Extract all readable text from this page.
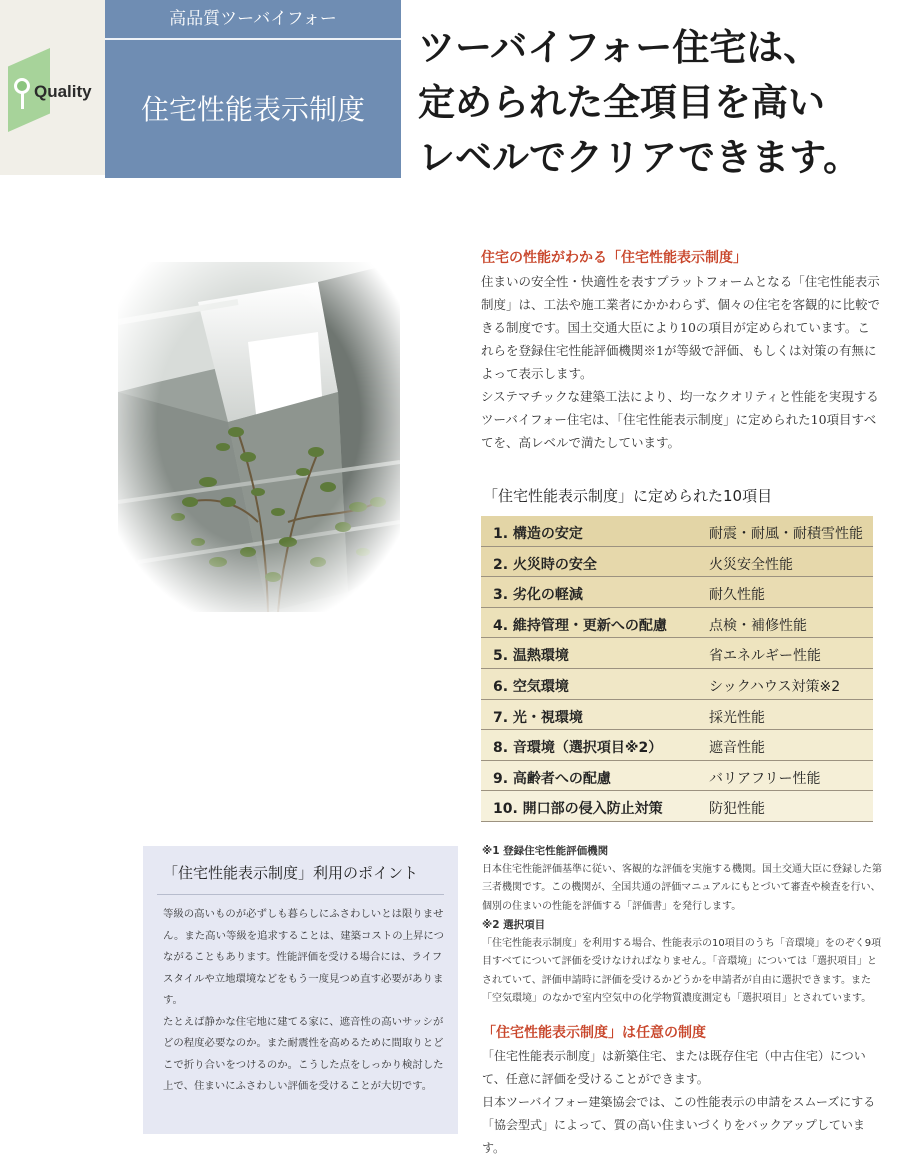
Quality
高品質ツーバイフォー
住宅性能表示制度
ツーバイフォー住宅は、
定められた全項目を高い
レベルでクリアできます。
住宅の性能がわかる「住宅性能表示制度」

住まいの安全性・快適性を表すプラットフォームとなる「住宅性能表示制度」は、工法や施工業者にかかわらず、個々の住宅を客観的に比較できる制度です。国土交通大臣により10の項目が定められています。これらを登録住宅性能評価機関※1が等級で評価、もしくは対策の有無によって表示します。

システマチックな建築工法により、均一なクオリティと性能を実現するツーバイフォー住宅は、「住宅性能表示制度」に定められた10項目すべてを、高レベルで満たしています。

「住宅性能表示制度」に定められた10項目
1. 構造の安定	耐震・耐風・耐積雪性能
2. 火災時の安全	火災安全性能
3. 劣化の軽減	耐久性能
4. 維持管理・更新への配慮	点検・補修性能
5. 温熱環境	省エネルギー性能
6. 空気環境	シックハウス対策※2
7. 光・視環境	採光性能
8. 音環境（選択項目※2）	遮音性能
9. 高齢者への配慮	バリアフリー性能
10. 開口部の侵入防止対策	防犯性能
※1 登録住宅性能評価機関
日本住宅性能評価基準に従い、客観的な評価を実施する機関。国土交通大臣に登録した第三者機関です。この機関が、全国共通の評価マニュアルにもとづいて審査や検査を行い、個別の住まいの性能を評価する「評価書」を発行します。
※2 選択項目
「住宅性能表示制度」を利用する場合、性能表示の10項目のうち「音環境」をのぞく9項目すべてについて評価を受けなければなりません。「音環境」については「選択項目」とされていて、評価申請時に評価を受けるかどうかを申請者が自由に選択できます。また「空気環境」のなかで室内空気中の化学物質濃度測定も「選択項目」とされています。
「住宅性能表示制度」は任意の制度

「住宅性能表示制度」は新築住宅、または既存住宅（中古住宅）について、任意に評価を受けることができます。

日本ツーバイフォー建築協会では、この性能表示の申請をスムーズにする「協会型式」によって、質の高い住まいづくりをバックアップしています。

「住宅性能表示制度」利用のポイント

等級の高いものが必ずしも暮らしにふさわしいとは限りません。また高い等級を追求することは、建築コストの上昇につながることもあります。性能評価を受ける場合には、ライフスタイルや立地環境などをもう一度見つめ直す必要があります。

たとえば静かな住宅地に建てる家に、遮音性の高いサッシがどの程度必要なのか。また耐震性を高めるために間取りとどこで折り合いをつけるのか。こうした点をしっかり検討した上で、住まいにふさわしい評価を受けることが大切です。
